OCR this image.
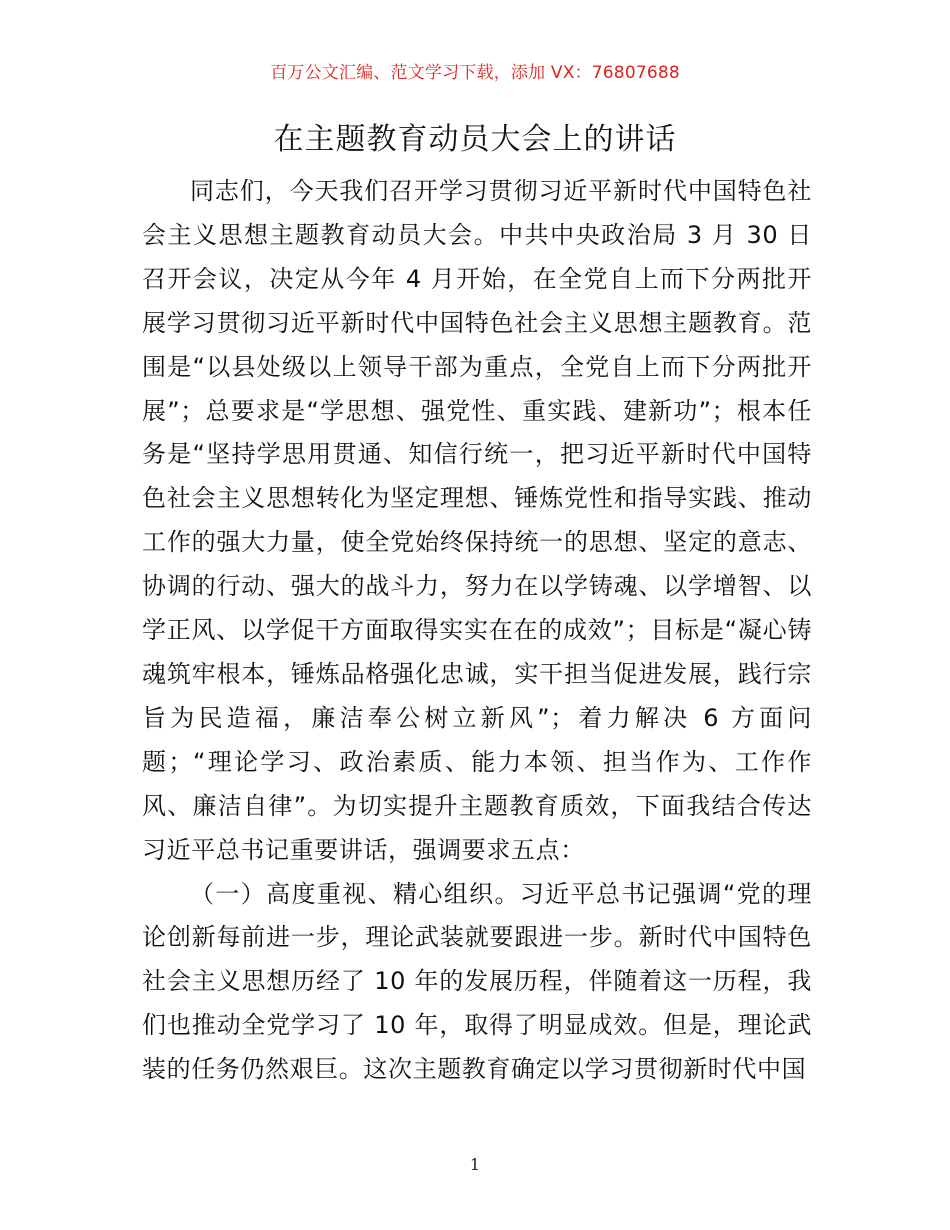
百万公文汇编、范文学习下载，添加 VX：76807688
在主题教育动员大会上的讲话

同志们，今天我们召开学习贯彻习近平新时代中国特色社会主义思想主题教育动员大会。中共中央政治局 3 月 30 日召开会议，决定从今年 4 月开始，在全党自上而下分两批开展学习贯彻习近平新时代中国特色社会主义思想主题教育。范围是“以县处级以上领导干部为重点，全党自上而下分两批开展”；总要求是“学思想、强党性、重实践、建新功”；根本任务是“坚持学思用贯通、知信行统一，把习近平新时代中国特色社会主义思想转化为坚定理想、锤炼党性和指导实践、推动工作的强大力量，使全党始终保持统一的思想、坚定的意志、协调的行动、强大的战斗力，努力在以学铸魂、以学增智、以学正风、以学促干方面取得实实在在的成效”；目标是“凝心铸魂筑牢根本，锤炼品格强化忠诚，实干担当促进发展，践行宗旨为民造福，廉洁奉公树立新风”；着力解决 6 方面问题；“理论学习、政治素质、能力本领、担当作为、工作作风、廉洁自律”。为切实提升主题教育质效，下面我结合传达习近平总书记重要讲话，强调要求五点：

（一）高度重视、精心组织。习近平总书记强调“党的理论创新每前进一步，理论武装就要跟进一步。新时代中国特色社会主义思想历经了 10 年的发展历程，伴随着这一历程，我们也推动全党学习了 10 年，取得了明显成效。但是，理论武装的任务仍然艰巨。这次主题教育确定以学习贯彻新时代中国

1
